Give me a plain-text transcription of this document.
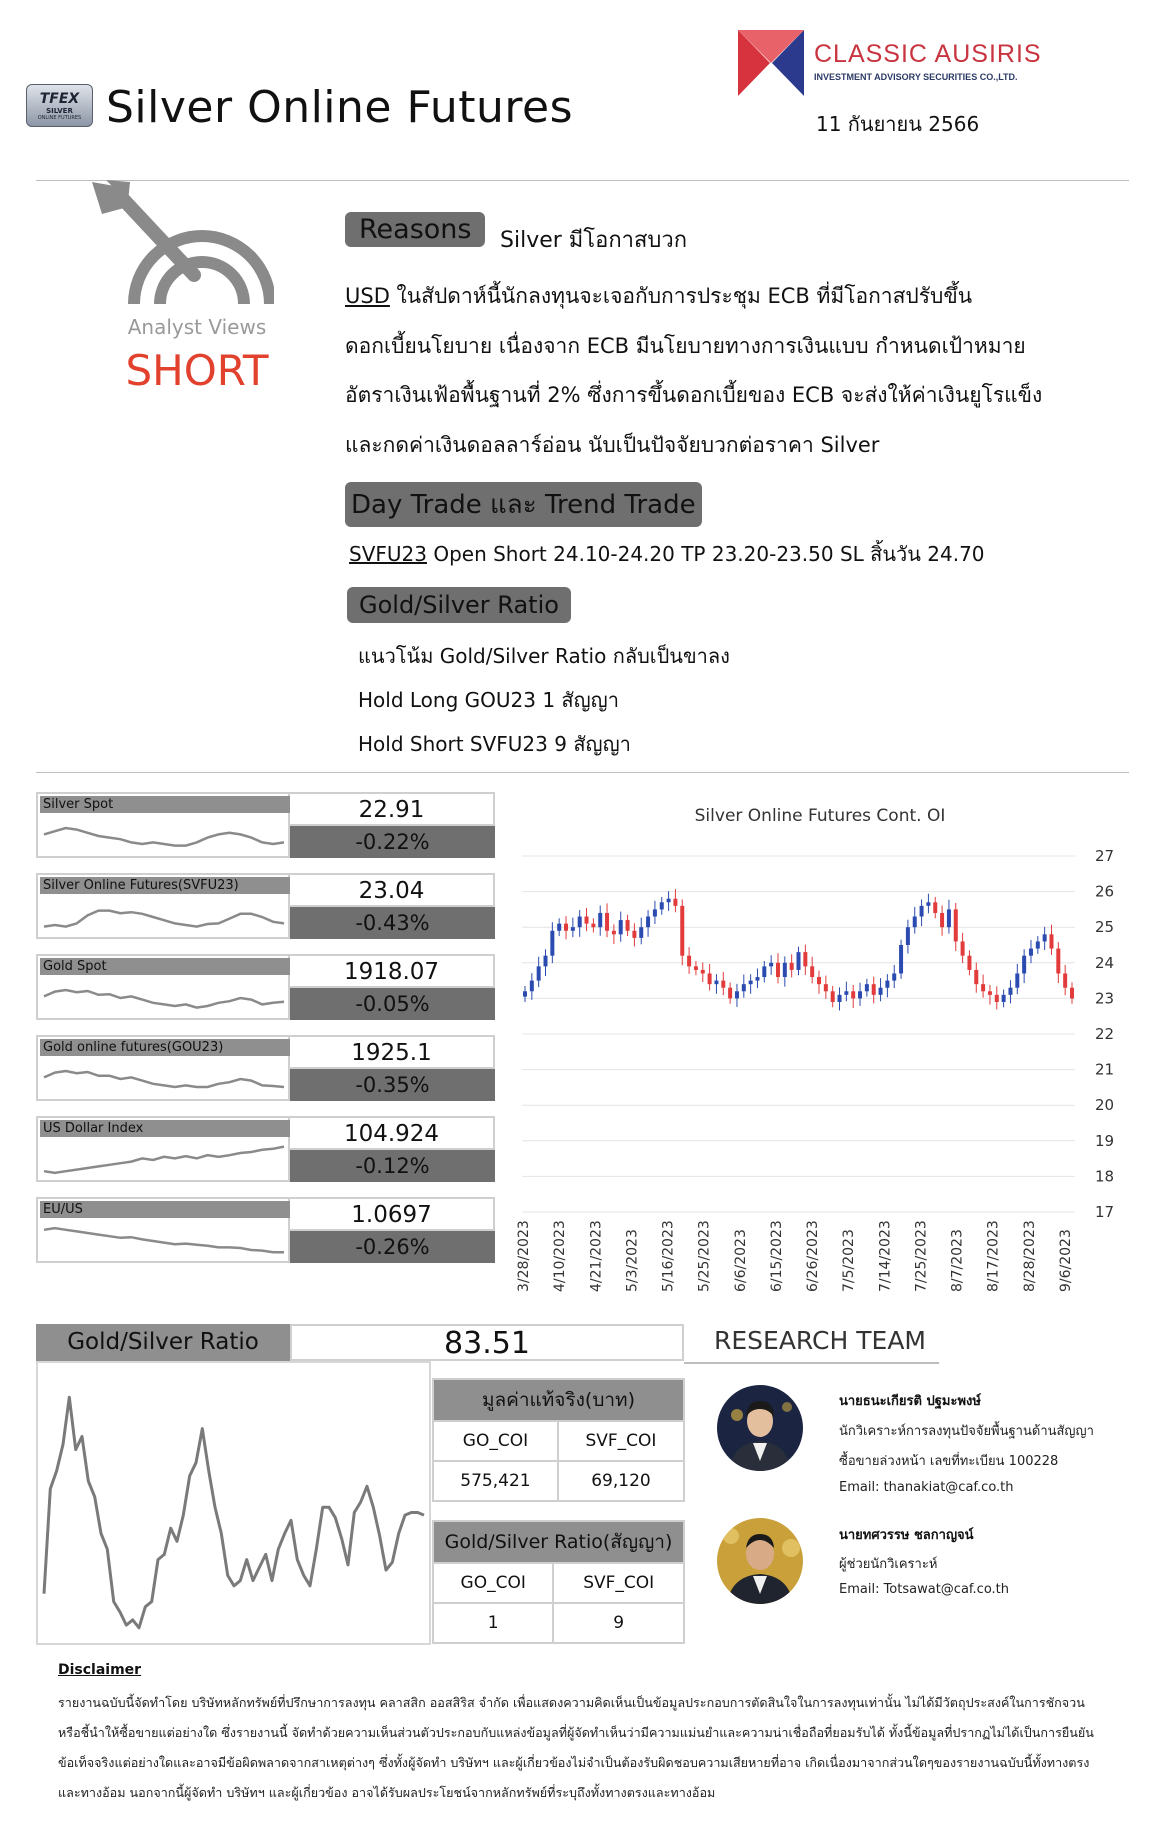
TFEX
SILVER
ONLINE FUTURES Silver Online Futures
CLASSIC AUSIRIS
INVESTMENT ADVISORY SECURITIES CO.,LTD.
11 กันยายน 2566
Analyst Views
SHORT
Reasons	Silver มีโอกาสบวก
USD ในสัปดาห์นี้นักลงทุนจะเจอกับการประชุม ECB ที่มีโอกาสปรับขึ้น
ดอกเบี้ยนโยบาย เนื่องจาก ECB มีนโยบายทางการเงินแบบ กำหนดเป้าหมาย
อัตราเงินเฟ้อพื้นฐานที่ 2% ซึ่งการขึ้นดอกเบี้ยของ ECB จะส่งให้ค่าเงินยูโรแข็ง
และกดค่าเงินดอลลาร์อ่อน นับเป็นปัจจัยบวกต่อราคา Silver
Day Trade และ Trend Trade
SVFU23 Open Short 24.10-24.20 TP 23.20-23.50 SL สิ้นวัน 24.70
Gold/Silver Ratio
แนวโน้ม Gold/Silver Ratio กลับเป็นขาลง
Hold Long GOU23 1 สัญญา
Hold Short SVFU23 9 สัญญา
Silver Spot	22.91
-0.22%
Silver Online Futures(SVFU23)	23.04
-0.43%
Gold Spot	1918.07
-0.05%
Gold online futures(GOU23)	1925.1
-0.35%
US Dollar Index	104.924
-0.12%
EU/US	1.0697
-0.26%
Silver Online Futures Cont. OI
27
26
25
24
23
22
21
20
19
18
17
3/28/2023 4/10/2023 4/21/2023 5/3/2023 5/16/2023 5/25/2023 6/6/2023 6/15/2023 6/26/2023 7/5/2023 7/14/2023 7/25/2023 8/7/2023 8/17/2023 8/28/2023 9/6/2023
Gold/Silver Ratio	83.51	RESEARCH TEAM
มูลค่าแท้จริง(บาท)	
GO_COI	SVF_COI
575,421	69,120
Gold/Silver Ratio(สัญญา)	
GO_COI	SVF_COI
1	9
นายธนะเกียรติ ปฐมะพงษ์
นักวิเคราะห์การลงทุนปัจจัยพื้นฐานด้านสัญญา
ซื้อขายล่วงหน้า เลขที่ทะเบียน 100228
Email: thanakiat@caf.co.th
นายทศวรรษ ชลกาญจน์
ผู้ช่วยนักวิเคราะห์
Email: Totsawat@caf.co.th
Disclaimer
รายงานฉบับนี้จัดทำโดย บริษัทหลักทรัพย์ที่ปรึกษาการลงทุน คลาสสิก ออสสิริส จำกัด เพื่อแสดงความคิดเห็นเป็นข้อมูลประกอบการตัดสินใจในการลงทุนเท่านั้น ไม่ได้มีวัตถุประสงค์ในการชักจวน
หรือชี้นำให้ซื้อขายแต่อย่างใด ซึ่งรายงานนี้ จัดทำด้วยความเห็นส่วนตัวประกอบกับแหล่งข้อมูลที่ผู้จัดทำเห็นว่ามีความแม่นยำและความน่าเชื่อถือที่ยอมรับได้ ทั้งนี้ข้อมูลที่ปรากฏไม่ได้เป็นการยืนยัน
ข้อเท็จจริงแต่อย่างใดและอาจมีข้อผิดพลาดจากสาเหตุต่างๆ ซึ่งทั้งผู้จัดทำ บริษัทฯ และผู้เกี่ยวข้องไม่จำเป็นต้องรับผิดชอบความเสียหายที่อาจ เกิดเนื่องมาจากส่วนใดๆของรายงานฉบับนี้ทั้งทางตรง
และทางอ้อม นอกจากนี้ผู้จัดทำ บริษัทฯ และผู้เกี่ยวข้อง อาจได้รับผลประโยชน์จากหลักทรัพย์ที่ระบุถึงทั้งทางตรงและทางอ้อม
